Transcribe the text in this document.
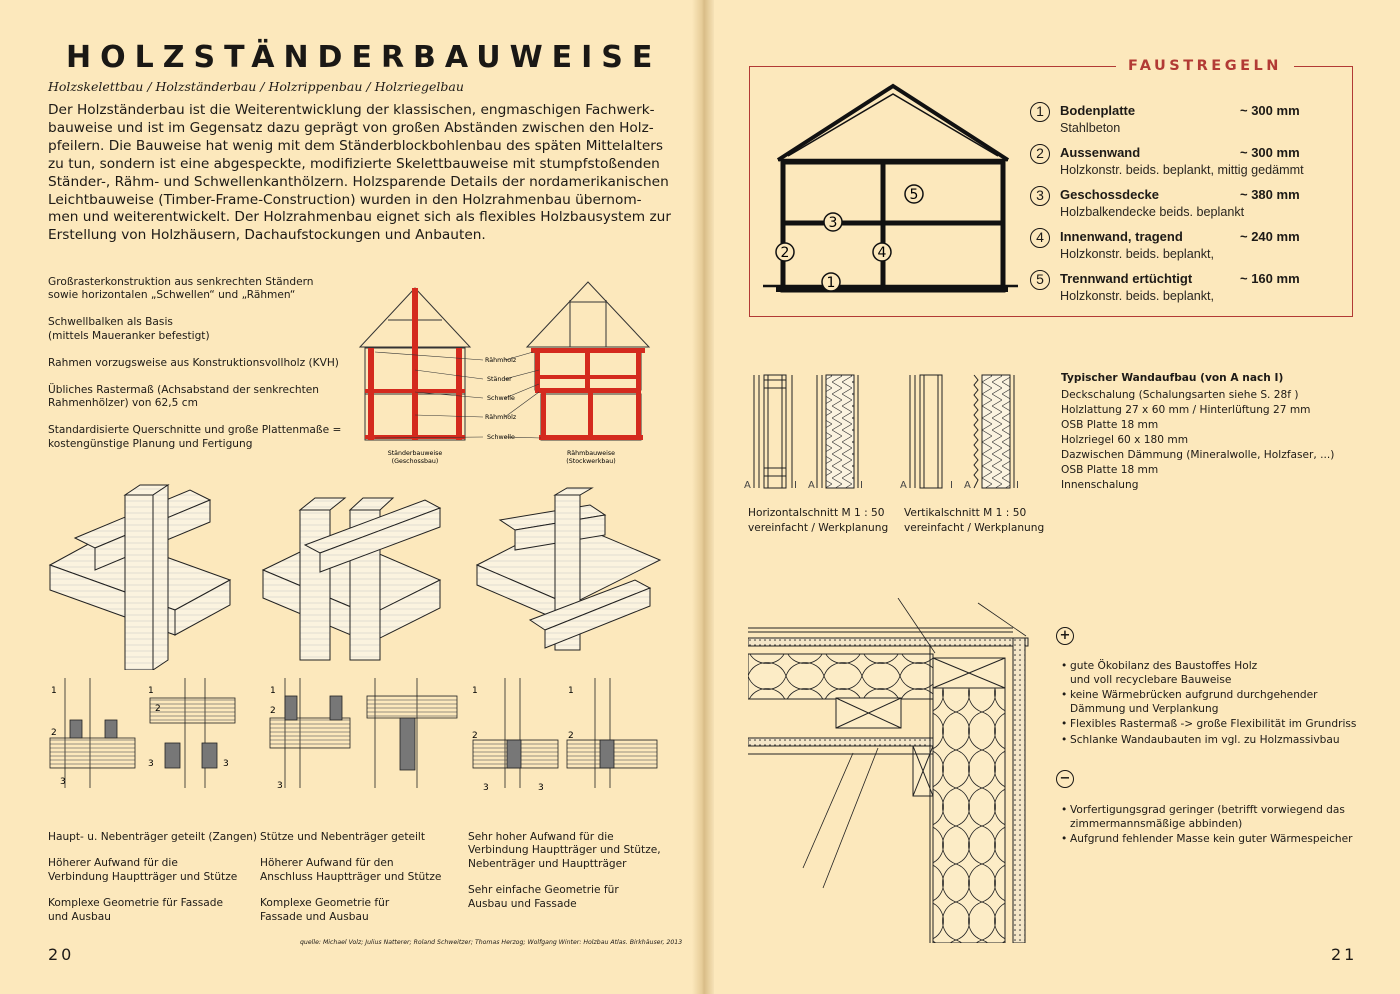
HOLZSTÄNDERBAUWEISE
Holzskelettbau / Holzständerbau / Holzrippenbau / Holzriegelbau
Der Holzständerbau ist die Weiterentwicklung der klassischen, engmaschigen Fachwerk-
bauweise und ist im Gegensatz dazu geprägt von großen Abständen zwischen den Holz-
pfeilern. Die Bauweise hat wenig mit dem Ständerblockbohlenbau des späten Mittelalters
zu tun, sondern ist eine abgespeckte, modifizierte Skelettbauweise mit stumpfstoßenden
Ständer-, Rähm- und Schwellenkanthölzern. Holzsparende Details der nordamerikanischen
Leichtbauweise (Timber-Frame-Construction) wurden in den Holzrahmenbau übernom-
men und weiterentwickelt. Der Holzrahmenbau eignet sich als flexibles Holzbausystem zur
Erstellung von Holzhäusern, Dachaufstockungen und Anbauten.

Großrasterkonstruktion aus senkrechten Ständern
sowie horizontalen „Schwellen“ und „Rähmen“

Schwellbalken als Basis
(mittels Maueranker befestigt)

Rahmen vorzugsweise aus Konstruktionsvollholz (KVH)

Übliches Rastermaß (Achsabstand der senkrechten
Rahmenhölzer) von 62,5 cm

Standardisierte Querschnitte und große Plattenmaße =
kostengünstige Planung und Fertigung

Rähmholz
Ständer
Schwelle
Rähmholz
Schwelle
Ständerbauweise
(Geschossbau)
Rähmbauweise
(Stockwerkbau)
1
2
3
1
2
3	3
1
2
3
1
2
3
1
2
3

Haupt- u. Nebenträger geteilt (Zangen)

Höherer Aufwand für die
Verbindung Hauptträger und Stütze

Komplexe Geometrie für Fassade
und Ausbau

Stütze und Nebenträger geteilt

Höherer Aufwand für den
Anschluss Hauptträger und Stütze

Komplexe Geometrie für
Fassade und Ausbau

Sehr hoher Aufwand für die
Verbindung Hauptträger und Stütze,
Nebenträger und Hauptträger

Sehr einfache Geometrie für
Ausbau und Fassade

quelle: Michael Volz; Julius Natterer; Roland Schweitzer; Thomas Herzog; Wolfgang Winter: Holzbau Atlas. Birkhäuser, 2013
20
FAUSTREGELN
1
2
3
4
5
1	Bodenplatte	~ 300 mm
Stahlbeton
2	Aussenwand	~ 300 mm
Holzkonstr. beids. beplankt, mittig gedämmt
3	Geschossdecke	~ 380 mm
Holzbalkendecke beids. beplankt
4	Innenwand, tragend	~ 240 mm
Holzkonstr. beids. beplankt,
5	Trennwand ertüchtigt	~ 160 mm
Holzkonstr. beids. beplankt,
A	I A	I	A	I A	I
Horizontalschnitt M 1 : 50
vereinfacht / Werkplanung
Vertikalschnitt M 1 : 50
vereinfacht / Werkplanung
Typischer Wandaufbau (von A nach I)
Deckschalung (Schalungsarten siehe S. 28f )
Holzlattung 27 x 60 mm / Hinterlüftung 27 mm
OSB Platte 18 mm
Holzriegel 60 x 180 mm
Dazwischen Dämmung (Mineralwolle, Holzfaser, ...)
OSB Platte 18 mm
Innenschalung
+
• gute Ökobilanz des Baustoffes Holz
und voll recyclebare Bauweise
• keine Wärmebrücken aufgrund durchgehender
Dämmung und Verplankung
• Flexibles Rastermaß -> große Flexibilität im Grundriss
• Schlanke Wandaubauten im vgl. zu Holzmassivbau
−
• Vorfertigungsgrad geringer (betrifft vorwiegend das
zimmermannsmäßige abbinden)
• Aufgrund fehlender Masse kein guter Wärmespeicher
21
